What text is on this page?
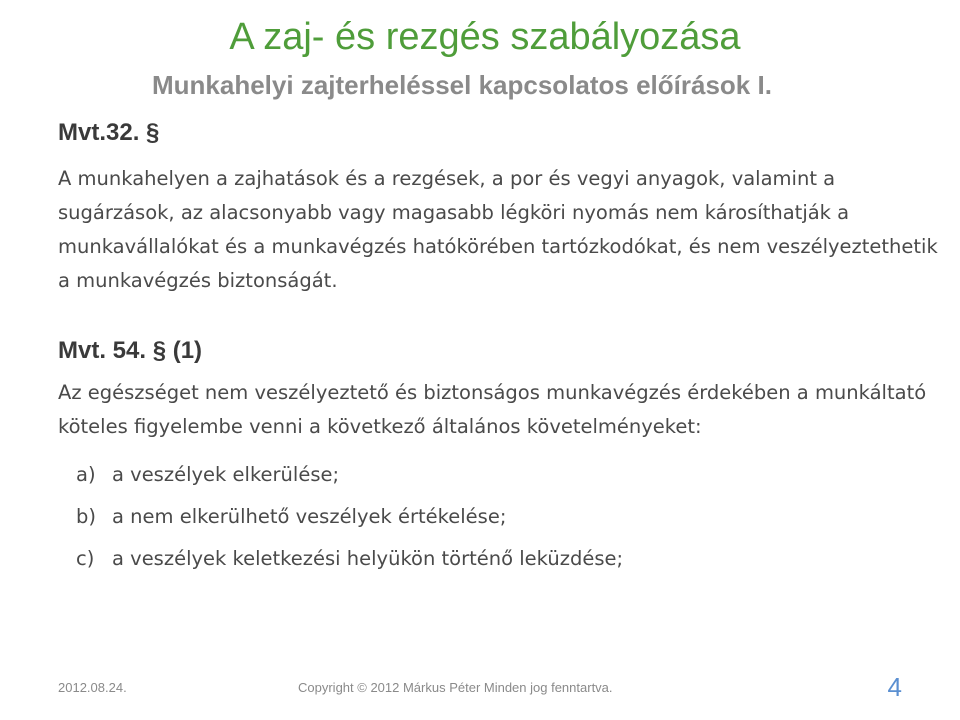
A zaj- és rezgés szabályozása
Munkahelyi zajterheléssel kapcsolatos előírások I.
Mvt.32. §
A munkahelyen a zajhatások és a rezgések, a por és vegyi anyagok, valamint a sugárzások, az alacsonyabb vagy magasabb légköri nyomás nem károsíthatják a munkavállalókat és a munkavégzés hatókörében tartózkodókat, és nem veszélyeztethetik a munkavégzés biztonságát.
Mvt. 54. § (1)
Az egészséget nem veszélyeztető és biztonságos munkavégzés érdekében a munkáltató köteles figyelembe venni a következő általános követelményeket:
a) a veszélyek elkerülése;
b) a nem elkerülhető veszélyek értékelése;
c) a veszélyek keletkezési helyükön történő leküzdése;
2012.08.24.	Copyright © 2012 Márkus Péter Minden jog fenntartva.	4
